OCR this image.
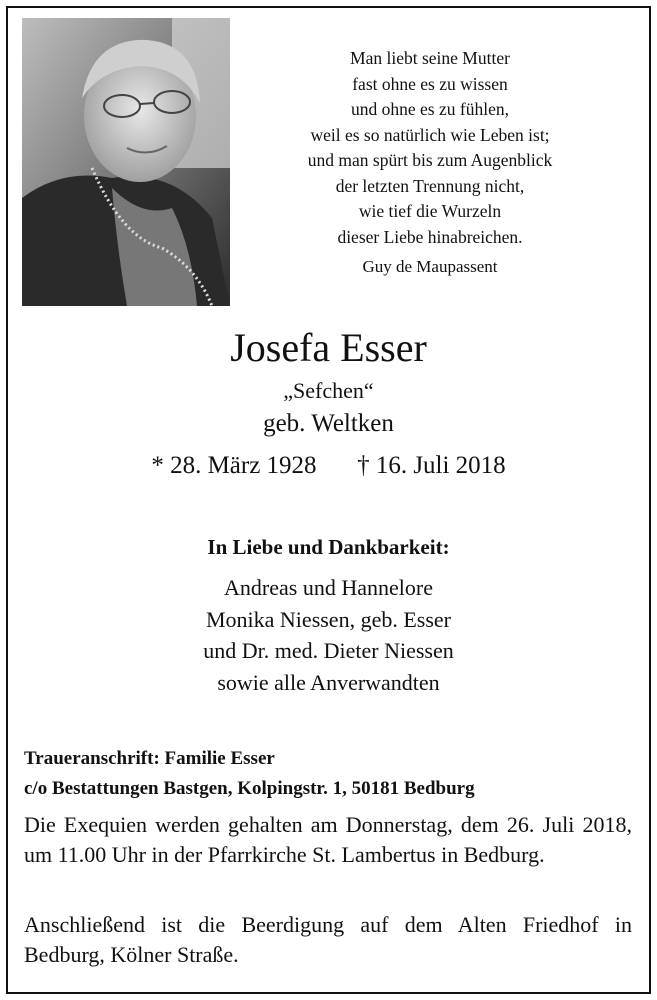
Man liebt seine Mutter
fast ohne es zu wissen
und ohne es zu fühlen,
weil es so natürlich wie Leben ist;
und man spürt bis zum Augenblick
der letzten Trennung nicht,
wie tief die Wurzeln
dieser Liebe hinabreichen.
Guy de Maupassent
Josefa Esser
„Sefchen“
geb. Weltken
* 28. März 1928 † 16. Juli 2018
In Liebe und Dankbarkeit:
Andreas und Hannelore
Monika Niessen, geb. Esser
und Dr. med. Dieter Niessen
sowie alle Anverwandten
Traueranschrift: Familie Esser
c/o Bestattungen Bastgen, Kolpingstr. 1, 50181 Bedburg
Die Exequien werden gehalten am Donnerstag, dem 26. Juli 2018, um 11.00 Uhr in der Pfarrkirche St. Lambertus in Bedburg.
Anschließend ist die Beerdigung auf dem Alten Friedhof in Bedburg, Kölner Straße.
